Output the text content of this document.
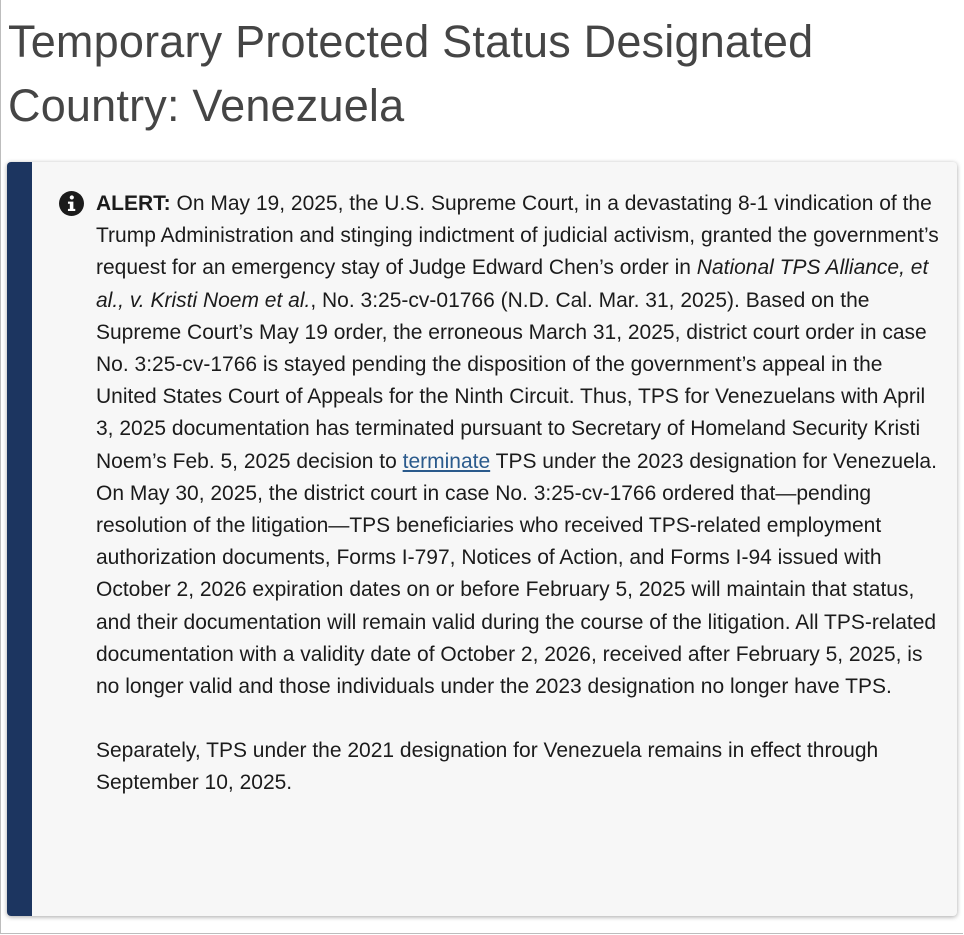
Temporary Protected Status Designated Country: Venezuela

ALERT: On May 19, 2025, the U.S. Supreme Court, in a devastating 8-1 vindication of the Trump Administration and stinging indictment of judicial activism, granted the government’s request for an emergency stay of Judge Edward Chen’s order in National TPS Alliance, et al., v. Kristi Noem et al., No. 3:25-cv-01766 (N.D. Cal. Mar. 31, 2025). Based on the Supreme Court’s May 19 order, the erroneous March 31, 2025, district court order in case No. 3:25-cv-1766 is stayed pending the disposition of the government’s appeal in the United States Court of Appeals for the Ninth Circuit. Thus, TPS for Venezuelans with April 3, 2025 documentation has terminated pursuant to Secretary of Homeland Security Kristi Noem’s Feb. 5, 2025 decision to terminate TPS under the 2023 designation for Venezuela. On May 30, 2025, the district court in case No. 3:25-cv-1766 ordered that—pending resolution of the litigation—TPS beneficiaries who received TPS-related employment authorization documents, Forms I-797, Notices of Action, and Forms I-94 issued with October 2, 2026 expiration dates on or before February 5, 2025 will maintain that status, and their documentation will remain valid during the course of the litigation. All TPS-related documentation with a validity date of October 2, 2026, received after February 5, 2025, is no longer valid and those individuals under the 2023 designation no longer have TPS.

Separately, TPS under the 2021 designation for Venezuela remains in effect through September 10, 2025.
